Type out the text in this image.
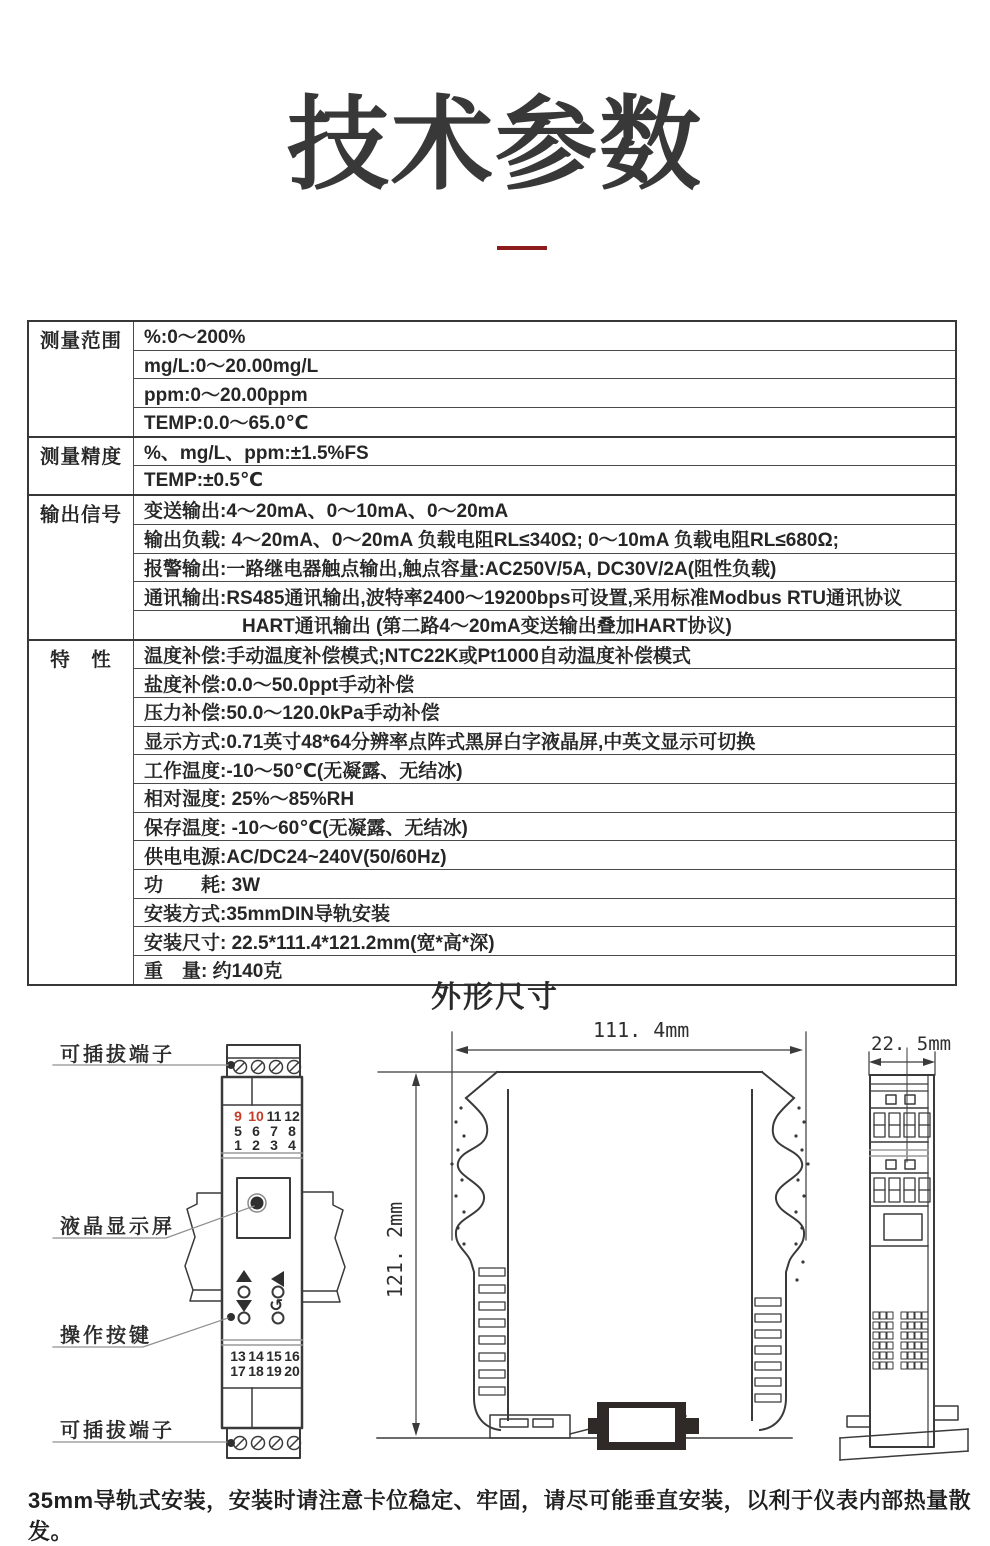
技术参数
测量范围	%:0～200%
	mg/L:0～20.00mg/L
	ppm:0～20.00ppm
	TEMP:0.0～65.0℃
测量精度	%、mg/L、ppm:±1.5%FS
	TEMP:±0.5℃
输出信号	变送输出:4～20mA、0～10mA、0～20mA
	输出负载: 4～20mA、0～20mA 负载电阻RL≤340Ω; 0～10mA 负载电阻RL≤680Ω;
	报警输出:一路继电器触点输出,触点容量:AC250V/5A, DC30V/2A(阻性负载)
	通讯输出:RS485通讯输出,波特率2400～19200bps可设置,采用标准Modbus RTU通讯协议
	HART通讯输出 (第二路4～20mA变送输出叠加HART协议)
特　性	温度补偿:手动温度补偿模式;NTC22K或Pt1000自动温度补偿模式
	盐度补偿:0.0～50.0ppt手动补偿
	压力补偿:50.0～120.0kPa手动补偿
	显示方式:0.71英寸48*64分辨率点阵式黑屏白字液晶屏,中英文显示可切换
	工作温度:-10～50℃(无凝露、无结冰)
	相对湿度: 25%～85%RH
	保存温度: -10～60℃(无凝露、无结冰)
	供电电源:AC/DC24~240V(50/60Hz)
	功　　耗: 3W
	安装方式:35mmDIN导轨安装
	安装尺寸: 22.5*111.4*121.2mm(宽*高*深)
	重　量: 约140克
外形尺寸
↺
可插拔端子
液晶显示屏
操作按键
可插拔端子
9 10 11 12
5 6 7 8
1 2 3 4
13 14 15 16
17 18 19 20
111. 4mm
121. 2mm
22. 5mm
35mm导轨式安装，安装时请注意卡位稳定、牢固，请尽可能垂直安装，以利于仪表内部热量散发。
